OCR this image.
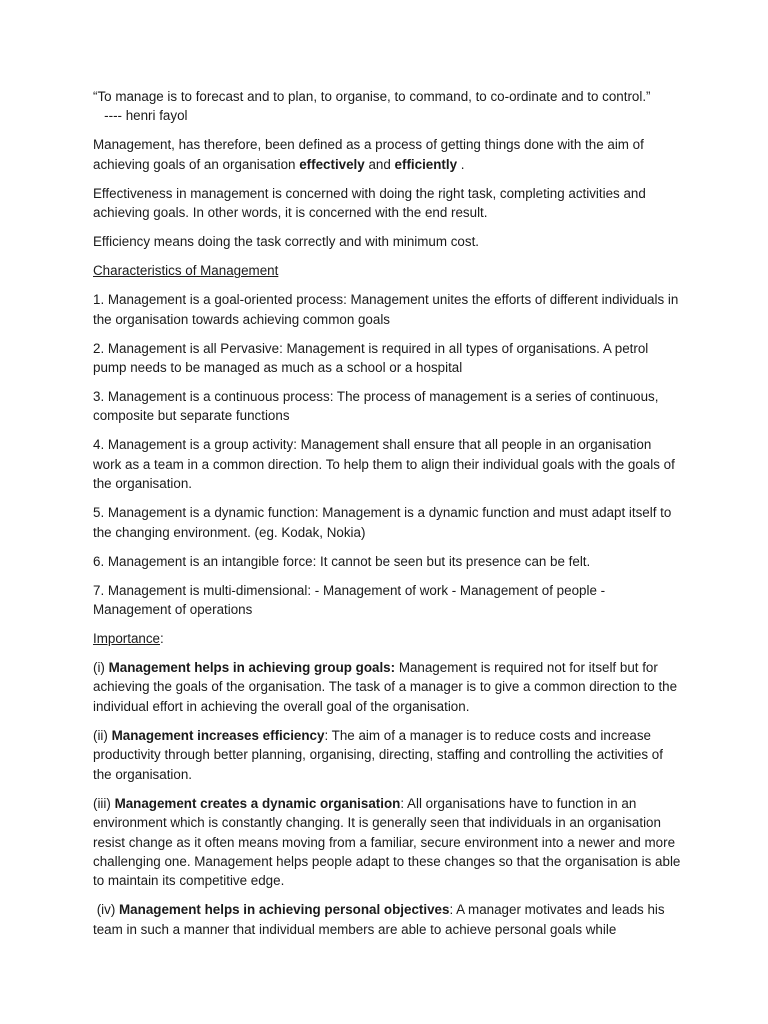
“To manage is to forecast and to plan, to organise, to command, to co-ordinate and to control.”   ---- henri fayol

Management, has therefore, been defined as a process of getting things done with the aim of achieving goals of an organisation effectively and efficiently .

Effectiveness in management is concerned with doing the right task, completing activities and achieving goals. In other words, it is concerned with the end result.

Efficiency means doing the task correctly and with minimum cost.

Characteristics of Management

1. Management is a goal-oriented process: Management unites the efforts of different individuals in the organisation towards achieving common goals

2. Management is all Pervasive: Management is required in all types of organisations. A petrol pump needs to be managed as much as a school or a hospital

3. Management is a continuous process: The process of management is a series of continuous, composite but separate functions

4. Management is a group activity: Management shall ensure that all people in an organisation work as a team in a common direction. To help them to align their individual goals with the goals of the organisation.

5. Management is a dynamic function: Management is a dynamic function and must adapt itself to the changing environment. (eg. Kodak, Nokia)

6. Management is an intangible force: It cannot be seen but its presence can be felt.

7. Management is multi-dimensional: - Management of work - Management of people - Management of operations

Importance:

(i) Management helps in achieving group goals: Management is required not for itself but for achieving the goals of the organisation. The task of a manager is to give a common direction to the individual effort in achieving the overall goal of the organisation.

(ii) Management increases efficiency: The aim of a manager is to reduce costs and increase productivity through better planning, organising, directing, staffing and controlling the activities of the organisation.

(iii) Management creates a dynamic organisation: All organisations have to function in an environment which is constantly changing. It is generally seen that individuals in an organisation resist change as it often means moving from a familiar, secure environment into a newer and more challenging one. Management helps people adapt to these changes so that the organisation is able to maintain its competitive edge.

(iv) Management helps in achieving personal objectives: A manager motivates and leads his team in such a manner that individual members are able to achieve personal goals while
